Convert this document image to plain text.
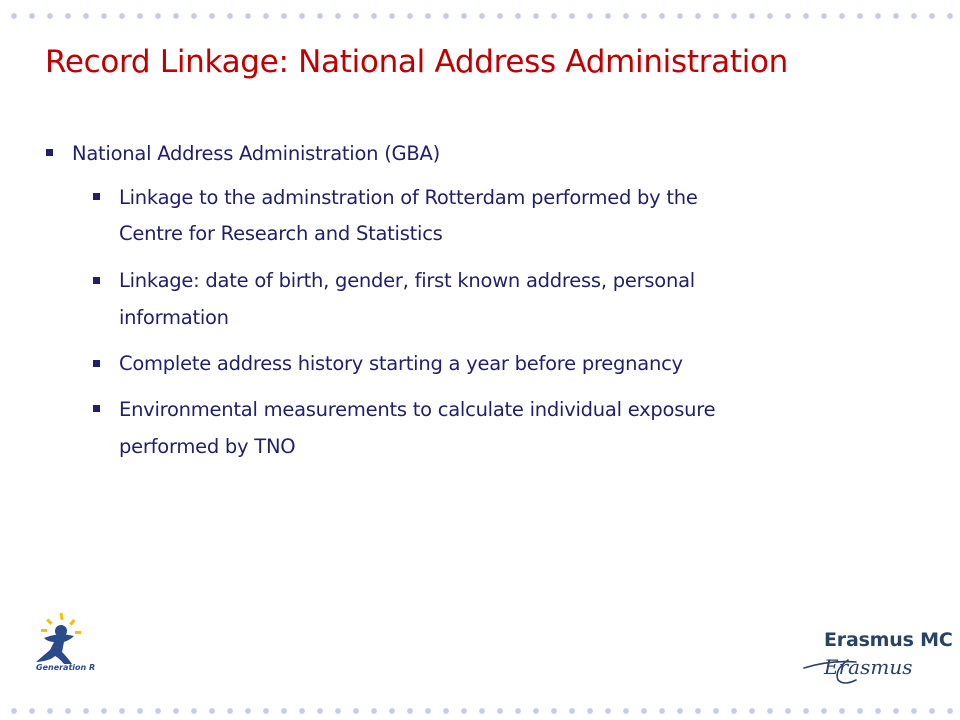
Record Linkage: National Address Administration
National Address Administration (GBA)
Linkage to the adminstration of Rotterdam performed by the
Centre for Research and Statistics
Linkage: date of birth, gender, first known address, personal
information
Complete address history starting a year before pregnancy
Environmental measurements to calculate individual exposure
performed by TNO
Generation R

Erasmus MC

Erasmus
